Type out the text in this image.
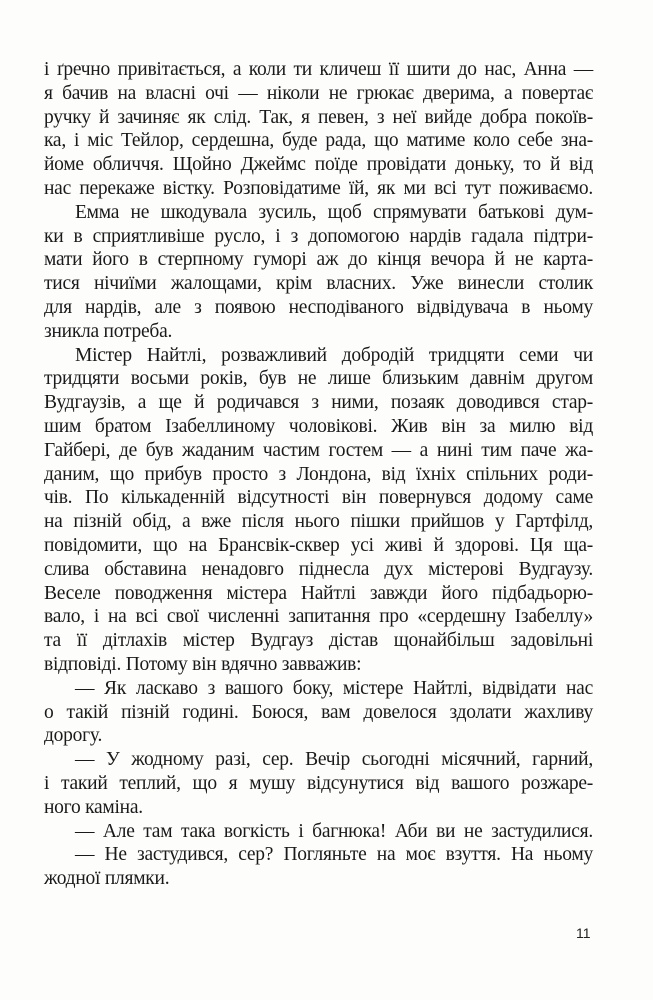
і ґречно привітається, а коли ти кличеш її шити до нас, Анна —
я бачив на власні очі — ніколи не грюкає дверима, а повертає
ручку й зачиняє як слід. Так, я певен, з неї вийде добра покоїв-
ка, і міс Тейлор, сердешна, буде рада, що матиме коло себе зна-
йоме обличчя. Щойно Джеймс поїде провідати доньку, то й від
нас перекаже вістку. Розповідатиме їй, як ми всі тут поживаємо.
Емма не шкодувала зусиль, щоб спрямувати батькові дум-
ки в сприятливіше русло, і з допомогою нардів гадала підтри-
мати його в стерпному гуморі аж до кінця вечора й не карта-
тися нічиїми жалощами, крім власних. Уже винесли столик
для нардів, але з появою несподіваного відвідувача в ньому
зникла потреба.
Містер Найтлі, розважливий добродій тридцяти семи чи
тридцяти восьми років, був не лише близьким давнім другом
Вудгаузів, а ще й родичався з ними, позаяк доводився стар-
шим братом Ізабеллиному чоловікові. Жив він за милю від
Гайбері, де був жаданим частим гостем — а нині тим паче жа-
даним, що прибув просто з Лондона, від їхніх спільних роди-
чів. По кількаденній відсутності він повернувся додому саме
на пізній обід, а вже після нього пішки прийшов у Гартфілд,
повідомити, що на Брансвік-сквер усі живі й здорові. Ця ща-
слива обставина ненадовго піднесла дух містерові Вудгаузу.
Веселе поводження містера Найтлі завжди його підбадьорю-
вало, і на всі свої численні запитання про «сердешну Ізабеллу»
та її дітлахів містер Вудгауз дістав щонайбільш задовільні
відповіді. Потому він вдячно завважив:
— Як ласкаво з вашого боку, містере Найтлі, відвідати нас
о такій пізній годині. Боюся, вам довелося здолати жахливу
дорогу.
— У жодному разі, сер. Вечір сьогодні місячний, гарний,
і такий теплий, що я мушу відсунутися від вашого розжаре-
ного каміна.
— Але там така вогкість і багнюка! Аби ви не застудилися.
— Не застудився, сер? Погляньте на моє взуття. На ньому
жодної плямки.
11
